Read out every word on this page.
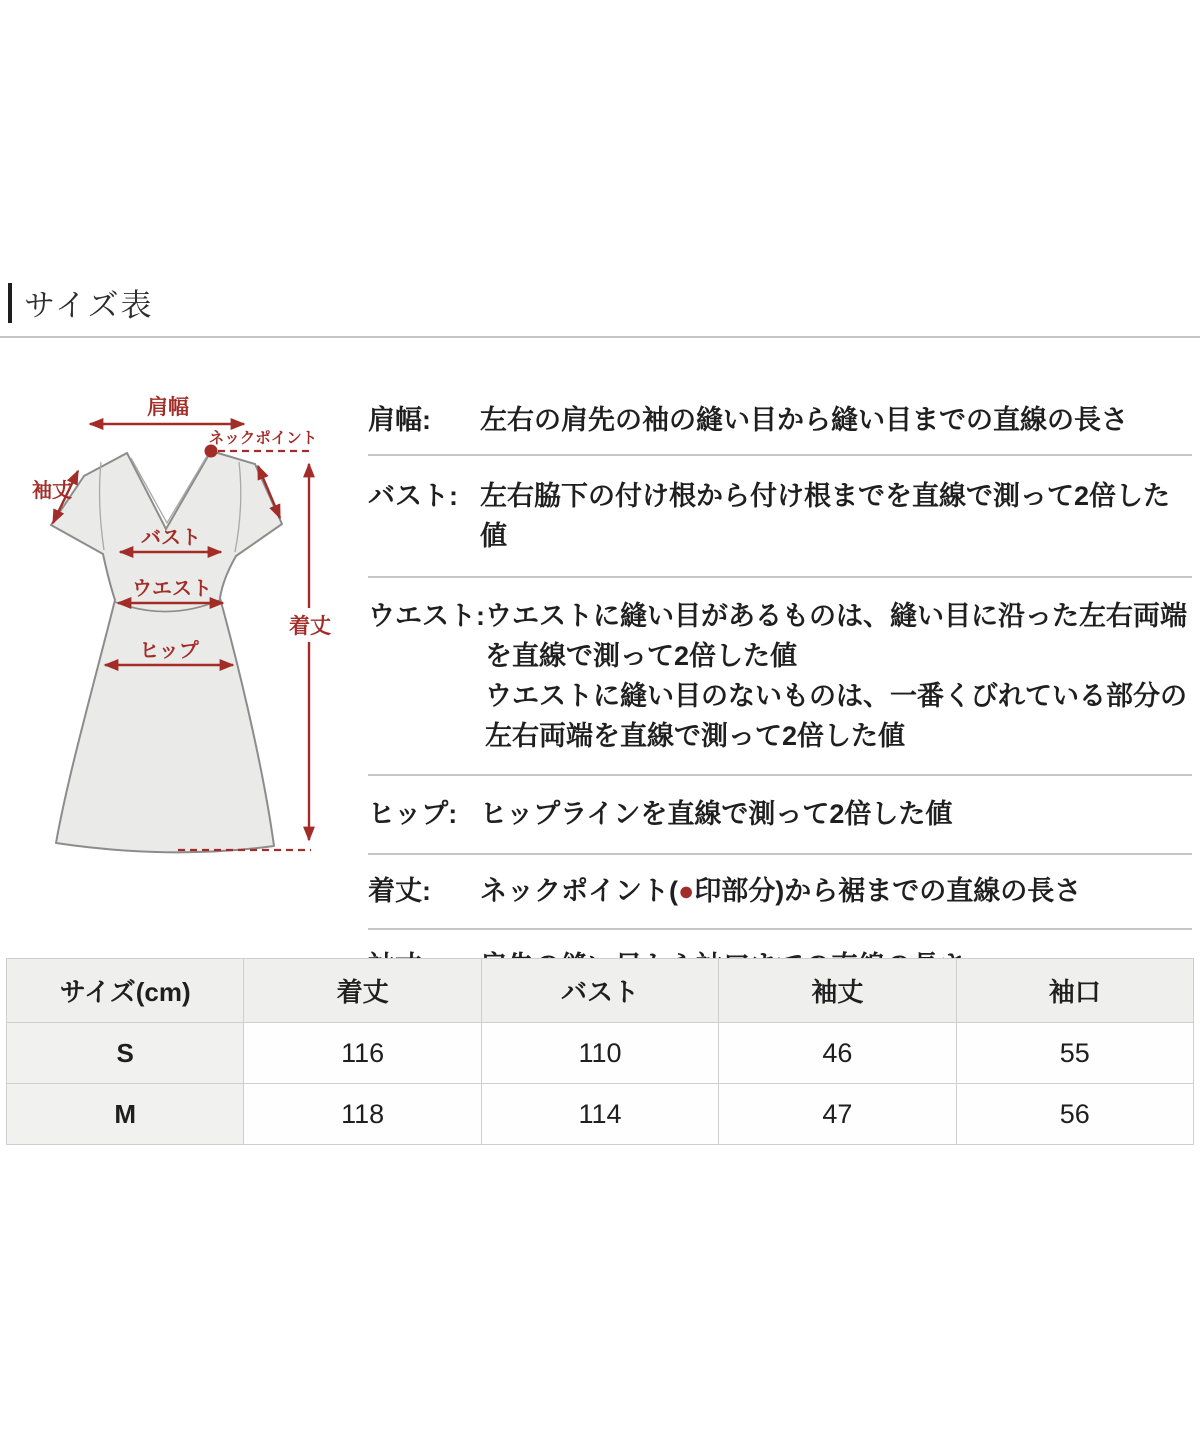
サイズ表
肩幅
ネックポイント
袖丈
バスト
ウエスト
ヒップ
着丈
肩幅:	左右の肩先の袖の縫い目から縫い目までの直線の長さ
バスト: 左右脇下の付け根から付け根までを直線で測って2倍した値
ウエスト: ウエストに縫い目があるものは、縫い目に沿った左右両端
を直線で測って2倍した値
ウエストに縫い目のないものは、一番くびれている部分の
左右両端を直線で測って2倍した値
ヒップ: ヒップラインを直線で測って2倍した値
着丈:	ネックポイント(●印部分)から裾までの直線の長さ
サイズ(cm)	着丈	バスト	袖丈	袖口
S	116	110	46	55
M	118	114	47	56
